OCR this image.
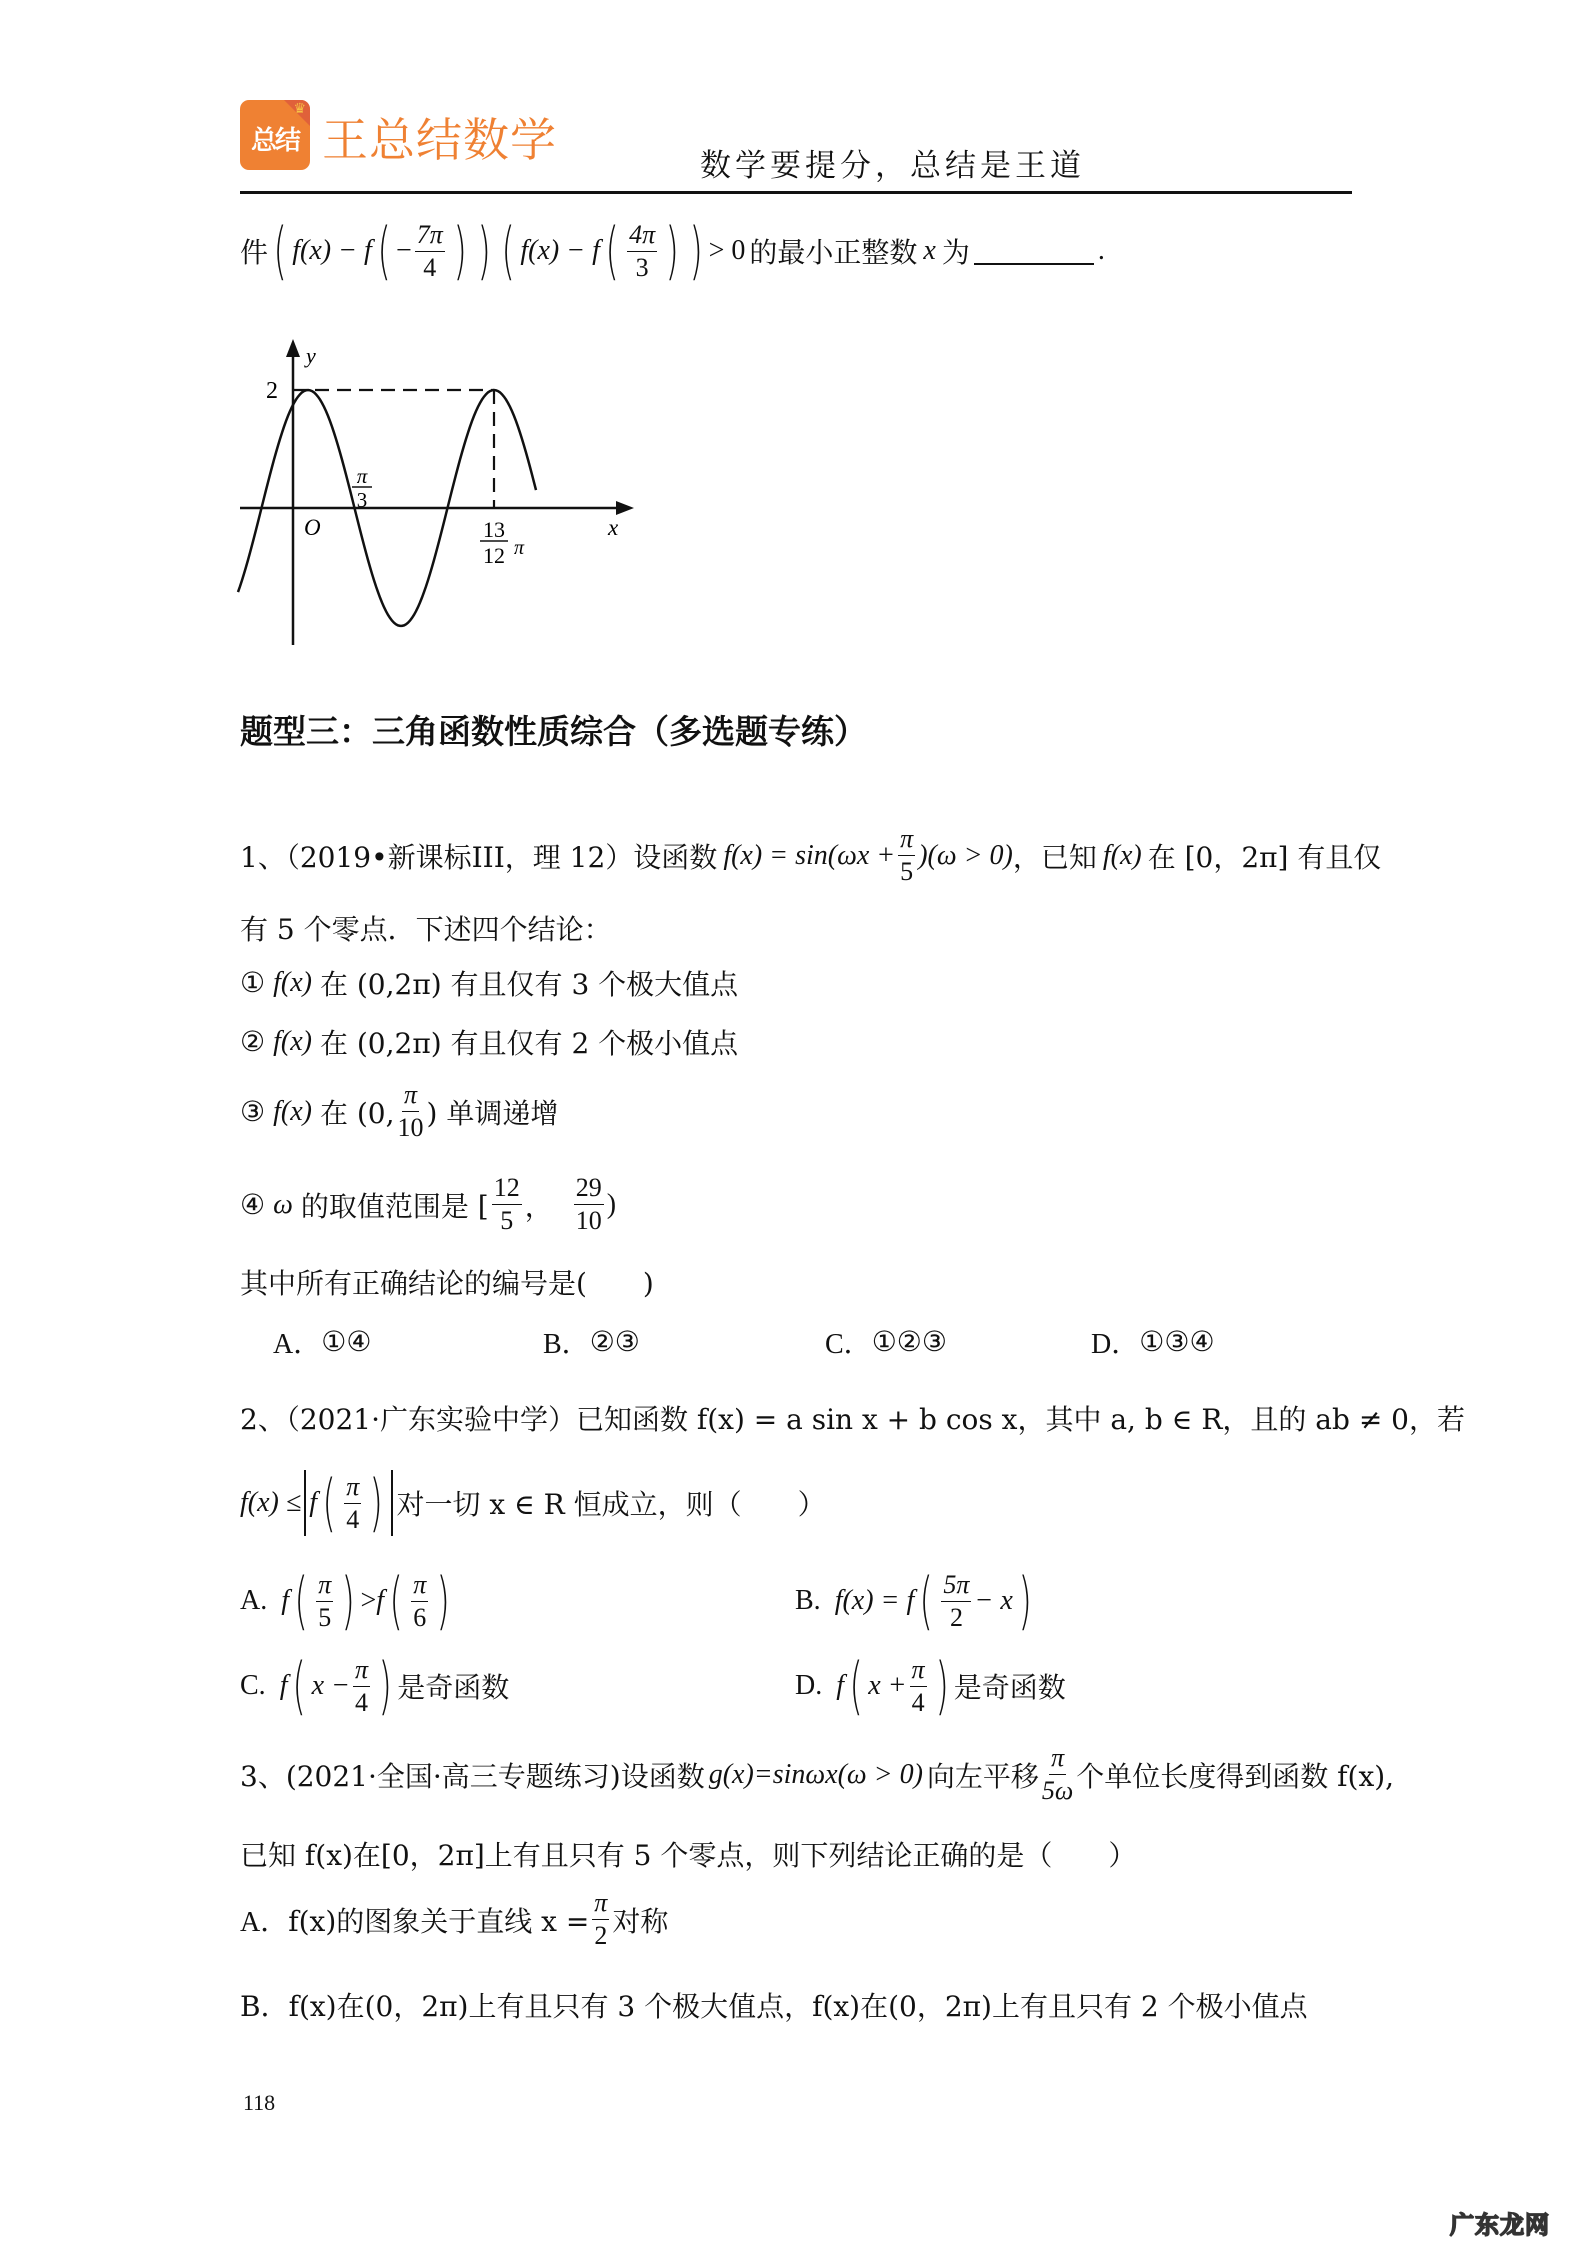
♛
总结 王总结数学	数学要提分，总结是王道
件 ( f(x) − f ( − $\frac{7\pi}{4}$ ) ) ( f(x) − f ( $\frac{4\pi}{3}$ ) ) > 0 的最小正整数 x 为	.
y
2
O	x
π
3
13
12 π
题型三：三角函数性质综合（多选题专练）
1、（2019•新课标III，理 12）设函数 $f(x) = \sin(\omega x + \frac{\pi}{5} )(\omega > 0)$ ，已知 f(x) 在 [0，2π] 有且仅
有 5 个零点．下述四个结论：
① f(x) 在 (0,2π) 有且仅有 3 个极大值点
② f(x) 在 (0,2π) 有且仅有 2 个极小值点
③ f(x) 在 (0, $\frac{\pi}{10}$ ) 单调递增
④ ω 的取值范围是 [ $\frac{12}{5}$ ， $\frac{29}{10}$ )
其中所有正确结论的编号是(　　)
A． ①④	B． ②③	C． ①②③	D． ①③④
2、（2021·广东实验中学）已知函数 f(x) = a sin x + b cos x，其中 a, b ∈ R，且的 ab ≠ 0，若
f(x) ≤ f ( $\frac{\pi}{4}$ ) 对一切 x ∈ R 恒成立，则（　　）
A. f ( $\frac{\pi}{5}$ ) > f ( $\frac{\pi}{6}$ )	B. f(x) = f ( $\frac{5\pi}{2} - x$ )
C. f ( $x - \frac{\pi}{4}$ ) 是奇函数	D. f ( $x + \frac{\pi}{4}$ ) 是奇函数
3、(2021·全国·高三专题练习)设函数 g(x)=sinωx(ω > 0) 向左平移 $\frac{\pi}{5\omega}$ 个单位长度得到函数 f(x),
已知 f(x)在[0，2π]上有且只有 5 个零点，则下列结论正确的是（　　）
A． f(x)的图象关于直线 $x = \frac{\pi}{2}$ 对称
B． f(x)在(0，2π)上有且只有 3 个极大值点，f(x)在(0，2π)上有且只有 2 个极小值点
118
广东龙网
